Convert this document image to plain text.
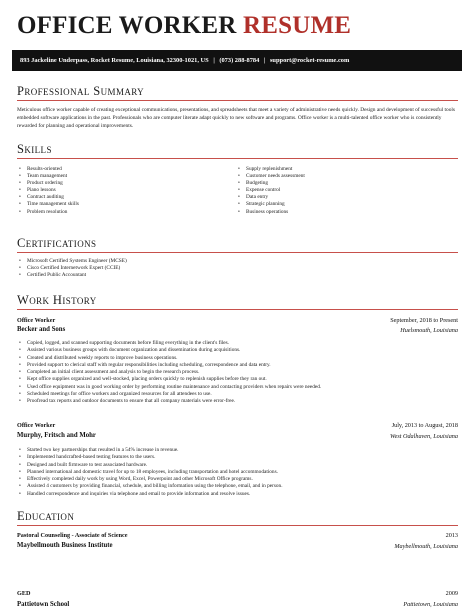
OFFICE WORKER RESUME
893 Jackeline Underpass, Rocket Resume, Louisiana, 32300-1021, US | (073) 288-8784 | support@rocket-resume.com
Professional Summary
Meticulous office worker capable of creating exceptional communications, presentations, and spreadsheets that meet a variety of administrative needs quickly. Design and development of successful tools embedded software applications in the past. Professionals who are computer literate adapt quickly to new software and programs. Office worker is a multi-talented office worker who is consistently rewarded for planning and operational improvements.
Skills
• Results-oriented
• Team management
• Product ordering
• Piano lessons
• Contract auditing
• Time management skills
• Problem resolution
• Supply replenishment
• Customer needs assessment
• Budgeting
• Expense control
• Data entry
• Strategic planning
• Business operations
Certifications
• Microsoft Certified Systems Engineer (MCSE)
• Cisco Certified Internetwork Expert (CCIE)
• Certified Public Accountant
Work History
Office Worker	September, 2018 to Present
Becker and Sons	Huelsmouth, Louisiana
• Copied, logged, and scanned supporting documents before filing everything in the client's files.
• Assisted various business groups with document organization and dissemination during acquisitions.
• Created and distributed weekly reports to improve business operations.
• Provided support to clerical staff with regular responsibilities including scheduling, correspondence and data entry.
• Completed an initial client assessment and analysis to begin the research process.
• Kept office supplies organized and well-stocked, placing orders quickly to replenish supplies before they ran out.
• Used office equipment was in good working order by performing routine maintenance and contacting providers when repairs were needed.
• Scheduled meetings for office workers and organized resources for all attendees to use.
• Proofread tax reports and outdoor documents to ensure that all company materials were error-free.
Office Worker	July, 2013 to August, 2018
Murphy, Fritsch and Mohr	West Odalhaven, Louisiana
• Started two key partnerships that resulted in a 54% increase in revenue.
• Implemented handcrafted-based testing features to the users.
• Designed and built firmware to test associated hardware.
• Planned international and domestic travel for up to 18 employees, including transportation and hotel accommodations.
• Effectively completed daily work by using Word, Excel, Powerpoint and other Microsoft Office programs.
• Assisted 4 customers by providing financial, schedule, and billing information using the telephone, email, and in person.
• Handled correspondence and inquiries via telephone and email to provide information and resolve issues.
Education
Pastoral Counseling - Associate of Science	2013
Maybellmouth Business Institute	Maybellmouth, Louisiana
GED	2009
Pattietown School	Pattietown, Louisiana
